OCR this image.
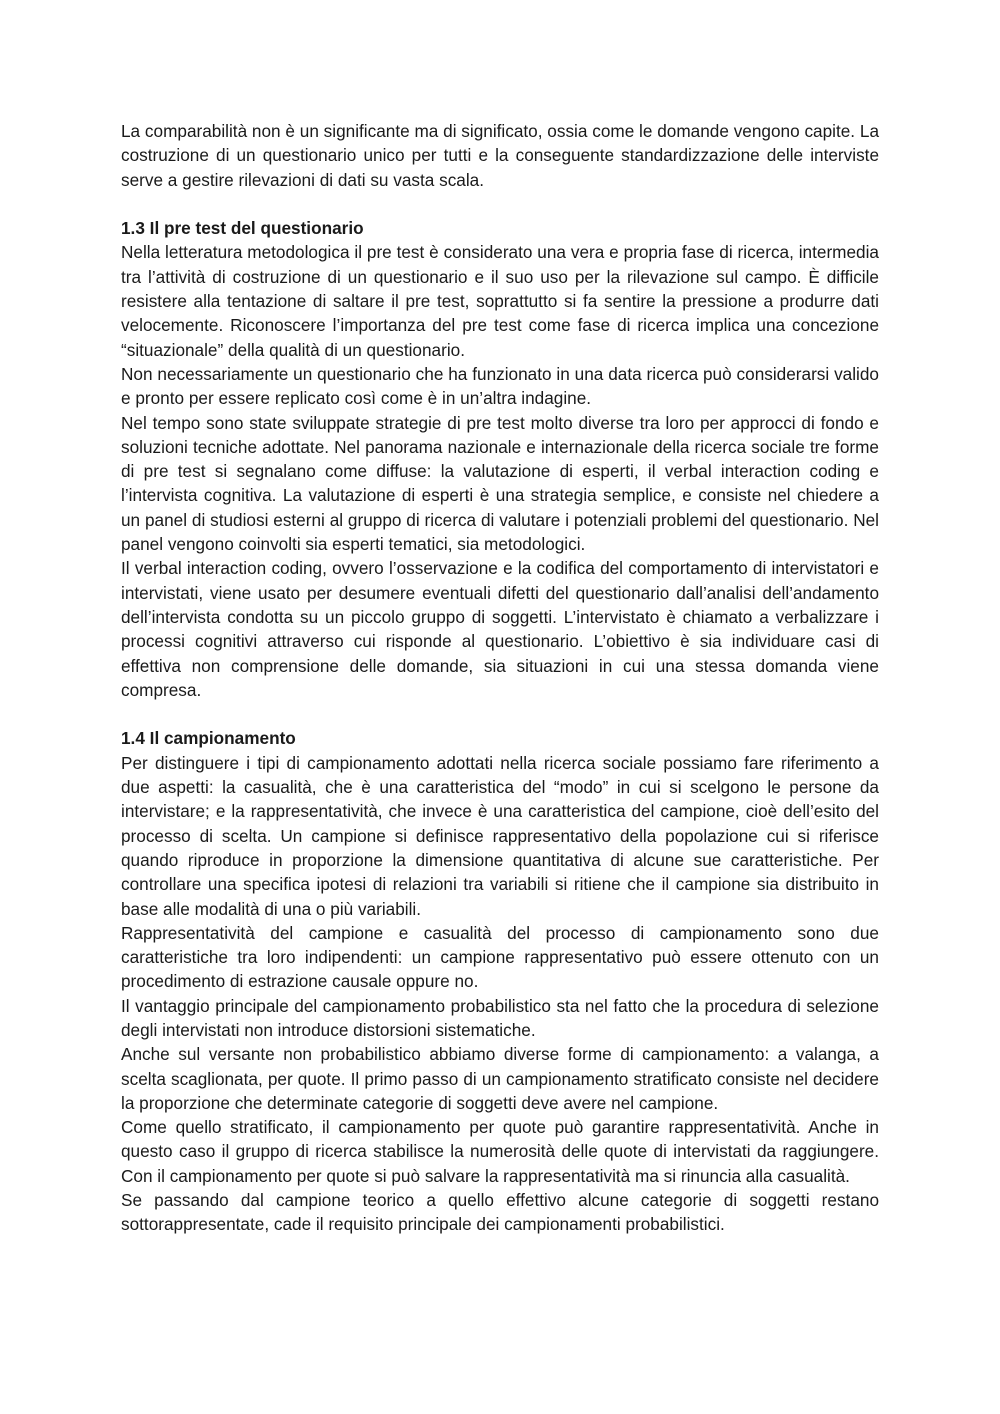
La comparabilità non è un significante ma di significato, ossia come le domande vengono capite. La costruzione di un questionario unico per tutti e la conseguente standardizzazione delle interviste serve a gestire rilevazioni di dati su vasta scala.

1.3 Il pre test del questionario

Nella letteratura metodologica il pre test è considerato una vera e propria fase di ricerca, intermedia tra l’attività di costruzione di un questionario e il suo uso per la rilevazione sul campo. È difficile resistere alla tentazione di saltare il pre test, soprattutto si fa sentire la pressione a produrre dati velocemente. Riconoscere l’importanza del pre test come fase di ricerca implica una concezione “situazionale” della qualità di un questionario.

Non necessariamente un questionario che ha funzionato in una data ricerca può considerarsi valido e pronto per essere replicato così come è in un’altra indagine.

Nel tempo sono state sviluppate strategie di pre test molto diverse tra loro per approcci di fondo e soluzioni tecniche adottate. Nel panorama nazionale e internazionale della ricerca sociale tre forme di pre test si segnalano come diffuse: la valutazione di esperti, il verbal interaction coding e l’intervista cognitiva. La valutazione di esperti è una strategia semplice, e consiste nel chiedere a un panel di studiosi esterni al gruppo di ricerca di valutare i potenziali problemi del questionario. Nel panel vengono coinvolti sia esperti tematici, sia metodologici.

Il verbal interaction coding, ovvero l’osservazione e la codifica del comportamento di intervistatori e intervistati, viene usato per desumere eventuali difetti del questionario dall’analisi dell’andamento dell’intervista condotta su un piccolo gruppo di soggetti. L’intervistato è chiamato a verbalizzare i processi cognitivi attraverso cui risponde al questionario. L’obiettivo è sia individuare casi di effettiva non comprensione delle domande, sia situazioni in cui una stessa domanda viene compresa.

1.4 Il campionamento

Per distinguere i tipi di campionamento adottati nella ricerca sociale possiamo fare riferimento a due aspetti: la casualità, che è una caratteristica del “modo” in cui si scelgono le persone da intervistare; e la rappresentatività, che invece è una caratteristica del campione, cioè dell’esito del processo di scelta. Un campione si definisce rappresentativo della popolazione cui si riferisce quando riproduce in proporzione la dimensione quantitativa di alcune sue caratteristiche. Per controllare una specifica ipotesi di relazioni tra variabili si ritiene che il campione sia distribuito in base alle modalità di una o più variabili.

Rappresentatività del campione e casualità del processo di campionamento sono due caratteristiche tra loro indipendenti: un campione rappresentativo può essere ottenuto con un procedimento di estrazione causale oppure no.

Il vantaggio principale del campionamento probabilistico sta nel fatto che la procedura di selezione degli intervistati non introduce distorsioni sistematiche.

Anche sul versante non probabilistico abbiamo diverse forme di campionamento: a valanga, a scelta scaglionata, per quote. Il primo passo di un campionamento stratificato consiste nel decidere la proporzione che determinate categorie di soggetti deve avere nel campione.

Come quello stratificato, il campionamento per quote può garantire rappresentatività. Anche in questo caso il gruppo di ricerca stabilisce la numerosità delle quote di intervistati da raggiungere. Con il campionamento per quote si può salvare la rappresentatività ma si rinuncia alla casualità.

Se passando dal campione teorico a quello effettivo alcune categorie di soggetti restano sottorappresentate, cade il requisito principale dei campionamenti probabilistici.
